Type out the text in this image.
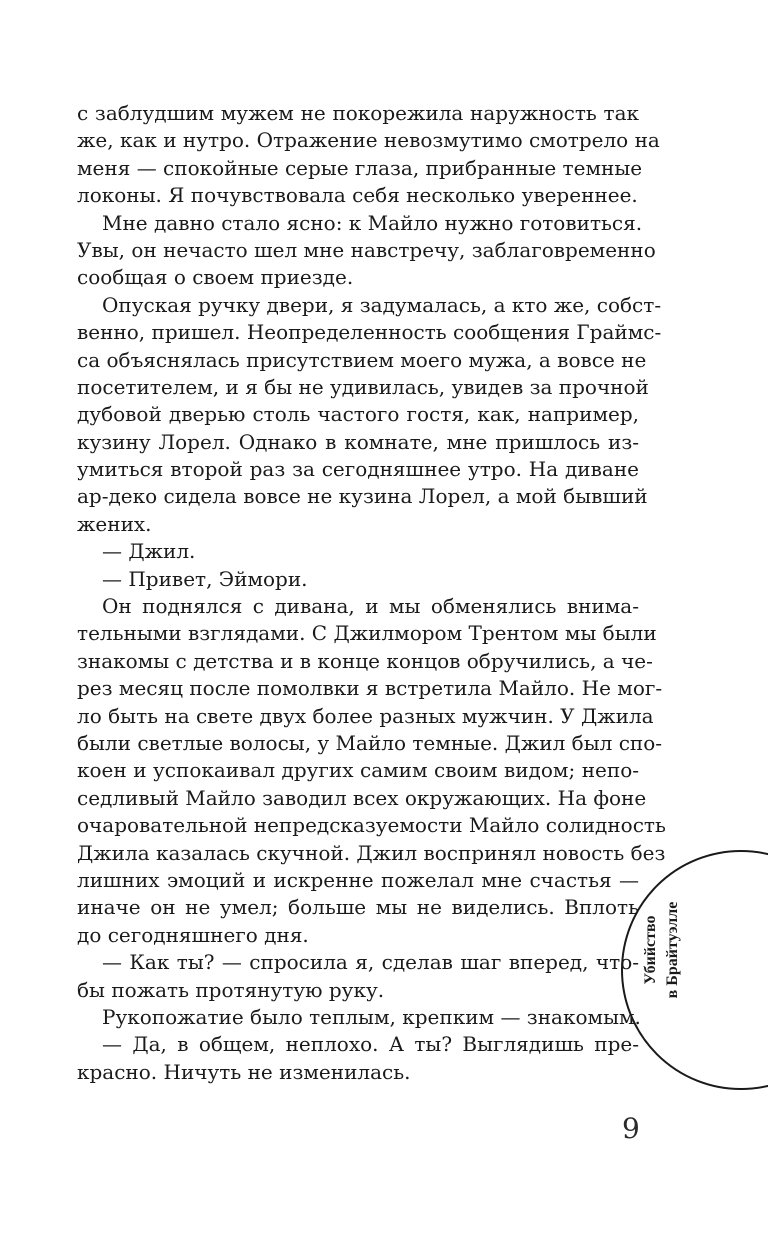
с заблудшим мужем не покорежила наружность так
же, как и нутро. Отражение невозмутимо смотрело на
меня — спокойные серые глаза, прибранные темные
локоны. Я почувствовала себя несколько увереннее.
Мне давно стало ясно: к Майло нужно готовиться.
Увы, он нечасто шел мне навстречу, заблаговременно
сообщая о своем приезде.
Опуская ручку двери, я задумалась, а кто же, собст-
венно, пришел. Неопределенность сообщения Граймс-
са объяснялась присутствием моего мужа, а вовсе не
посетителем, и я бы не удивилась, увидев за прочной
дубовой дверью столь частого гостя, как, например,
кузину Лорел. Однако в комнате, мне пришлось из-
умиться второй раз за сегодняшнее утро. На диване
ар-деко сидела вовсе не кузина Лорел, а мой бывший
жених.
— Джил.
— Привет, Эймори.
Он поднялся с дивана, и мы обменялись внима-
тельными взглядами. С Джилмором Трентом мы были
знакомы с детства и в конце концов обручились, а че-
рез месяц после помолвки я встретила Майло. Не мог-
ло быть на свете двух более разных мужчин. У Джила
были светлые волосы, у Майло темные. Джил был спо-
коен и успокаивал других самим своим видом; непо-
седливый Майло заводил всех окружающих. На фоне
очаровательной непредсказуемости Майло солидность
Джила казалась скучной. Джил воспринял новость без
лишних эмоций и искренне пожелал мне счастья —
иначе он не умел; больше мы не виделись. Вплоть
до сегодняшнего дня.
— Как ты? — спросила я, сделав шаг вперед, что-
бы пожать протянутую руку.
Рукопожатие было теплым, крепким — знакомым.
— Да, в общем, неплохо. А ты? Выглядишь пре-
красно. Ничуть не изменилась.
Убийство в Брайтуэлле
9
